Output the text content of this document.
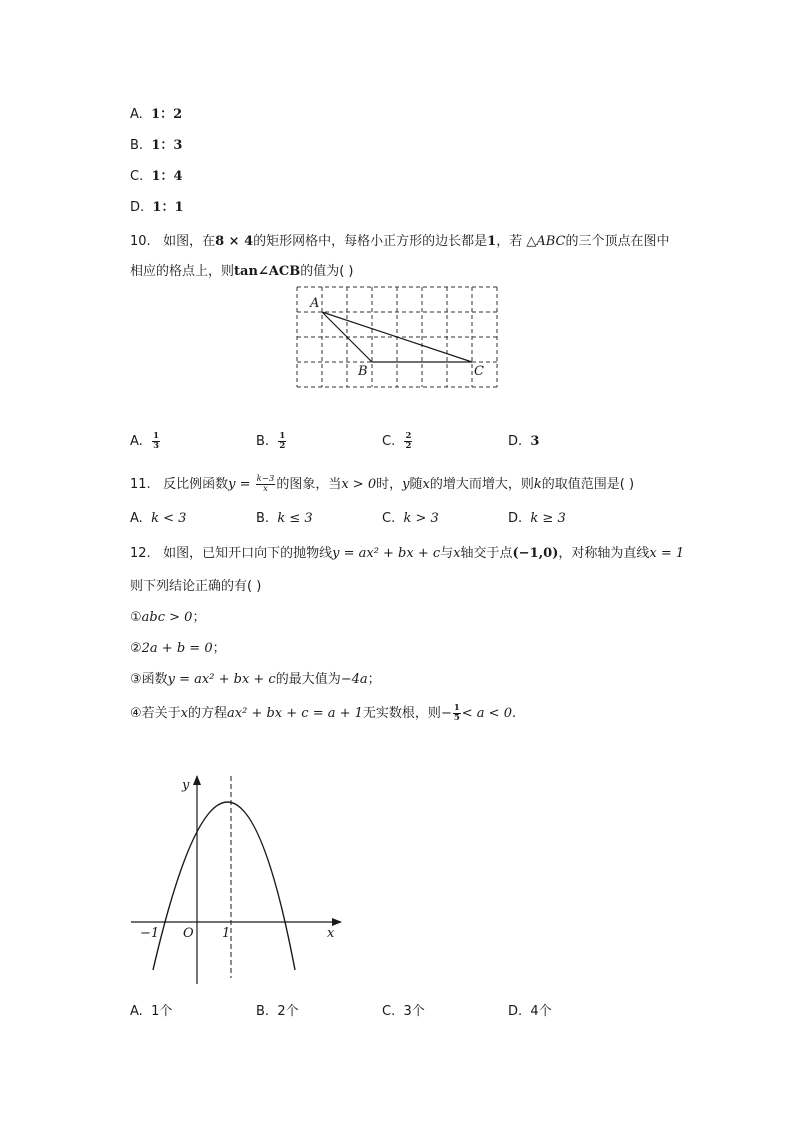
A. 1：2
B. 1：3
C. 1：4
D. 1：1
10. 如图，在8 × 4的矩形网格中，每格小正方形的边长都是1，若 △ABC的三个顶点在图中
相应的格点上，则tan∠ACB的值为( )
A
B	C
A. $\frac{1}{3}$	B. $\frac{1}{2}$	C. $\frac{2}{2}$	D. 3
11. 反比例函数$y = \frac{k-3}{x}$ 的图象，当x > 0时，y随x的增大而增大，则k的取值范围是( )
A. k < 3	B. k ≤ 3	C. k > 3	D. k ≥ 3
12. 如图，已知开口向下的抛物线y = ax² + bx + c与x轴交于点(−1,0)，对称轴为直线x = 1
则下列结论正确的有( )
①abc > 0；
②2a + b = 0；
③函数y = ax² + bx + c的最大值为−4a；
④若关于x的方程ax² + bx + c = a + 1无实数根，则− $\frac{1}{5} < a < 0$.
y
x
O
−1	1
A. 1个	B. 2个	C. 3个	D. 4个
